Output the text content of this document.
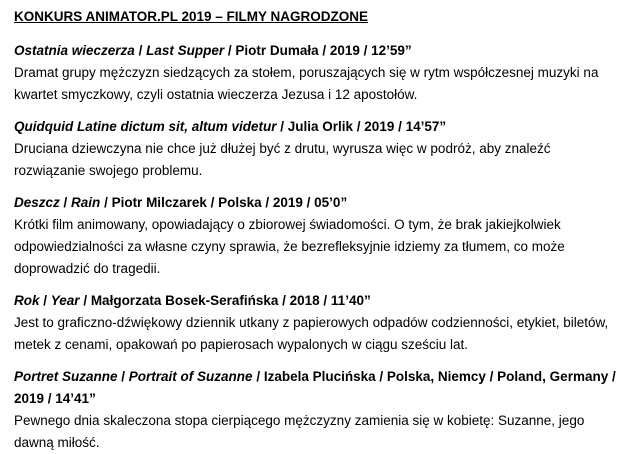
KONKURS ANIMATOR.PL 2019 – FILMY NAGRODZONE
Ostatnia wieczerza / Last Supper / Piotr Dumała / 2019 / 12’59”

Dramat grupy mężczyzn siedzących za stołem, poruszających się w rytm współczesnej muzyki na kwartet smyczkowy, czyli ostatnia wieczerza Jezusa i 12 apostołów.

Quidquid Latine dictum sit, altum videtur / Julia Orlik / 2019 / 14’57”

Druciana dziewczyna nie chce już dłużej być z drutu, wyrusza więc w podróż, aby znaleźć rozwiązanie swojego problemu.

Deszcz / Rain / Piotr Milczarek / Polska / 2019 / 05’0”

Krótki film animowany, opowiadający o zbiorowej świadomości. O tym, że brak jakiejkolwiek odpowiedzialności za własne czyny sprawia, że bezrefleksyjnie idziemy za tłumem, co może doprowadzić do tragedii.

Rok / Year / Małgorzata Bosek-Serafińska / 2018 / 11’40”

Jest to graficzno-dźwiękowy dziennik utkany z papierowych odpadów codzienności, etykiet, biletów, metek z cenami, opakowań po papierosach wypalonych w ciągu sześciu lat.

Portret Suzanne / Portrait of Suzanne / Izabela Plucińska / Polska, Niemcy / Poland, Germany / 2019 / 14’41”

Pewnego dnia skaleczona stopa cierpiącego mężczyzny zamienia się w kobietę: Suzanne, jego dawną miłość.
